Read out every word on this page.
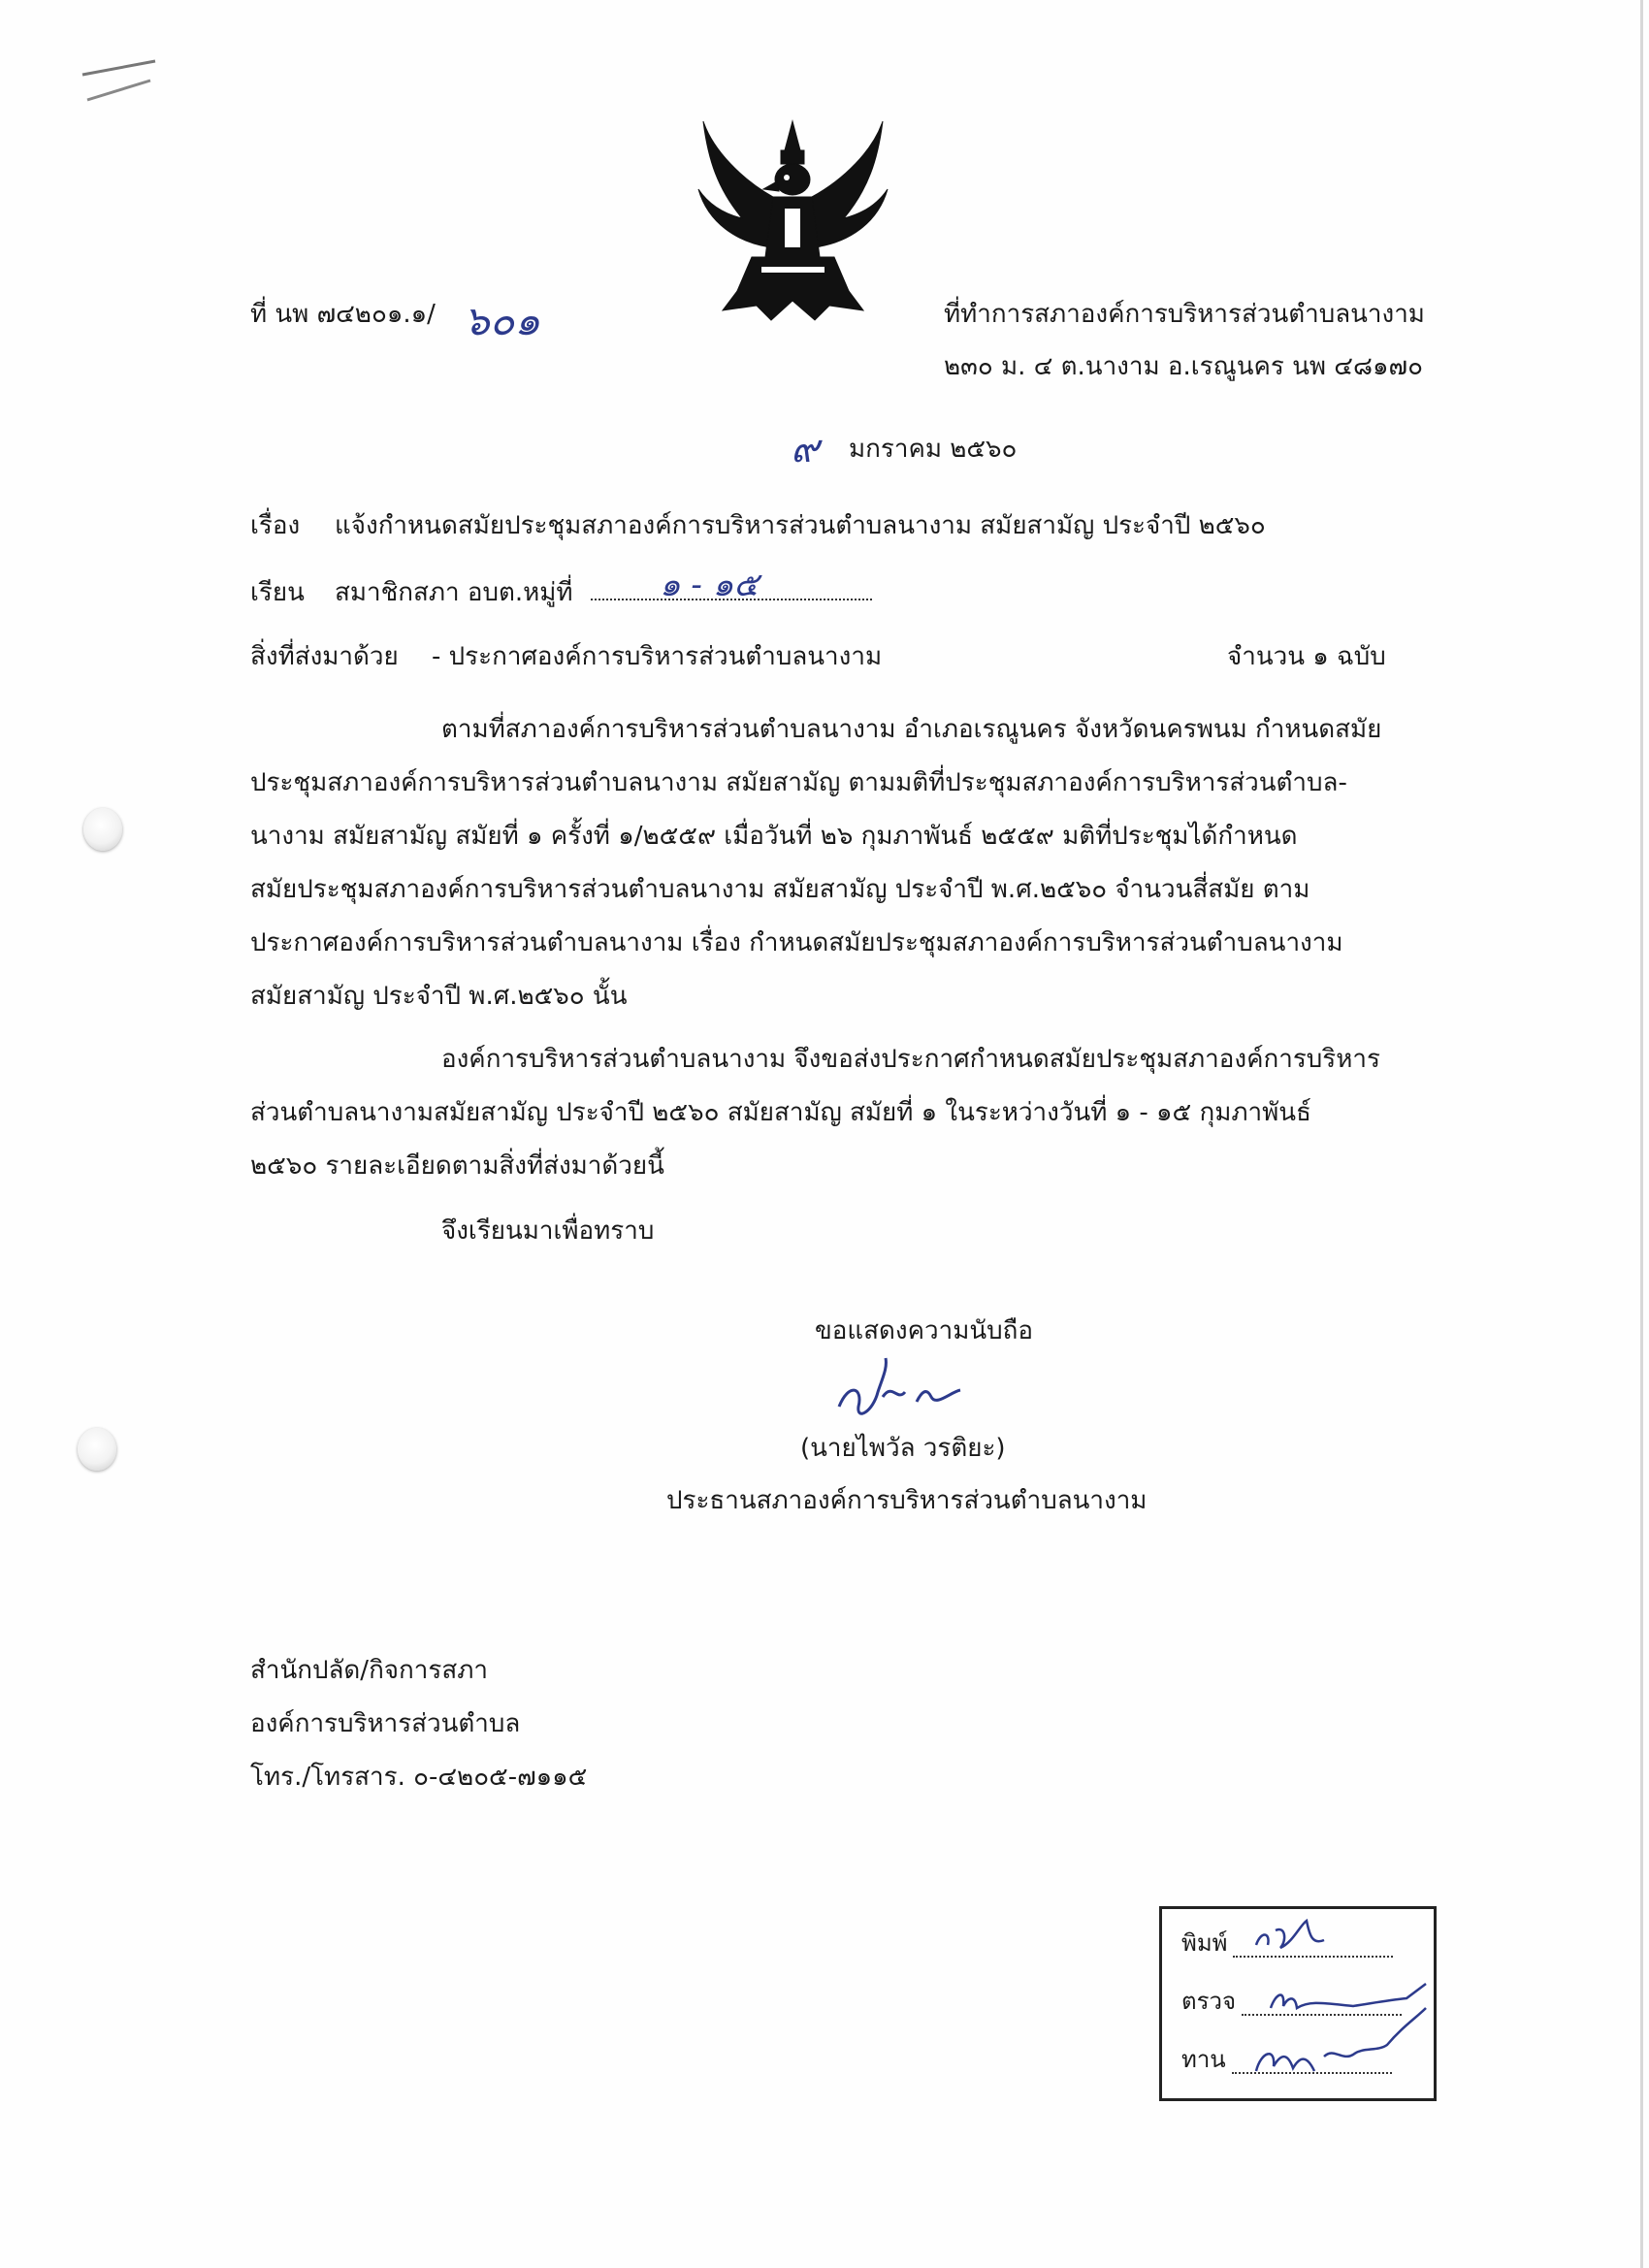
ที่ นพ ๗๔๒๐๑.๑/ ๖๐๑	ที่ทำการสภาองค์การบริหารส่วนตำบลนางาม
๒๓๐ ม. ๔ ต.นางาม อ.เรณูนคร นพ ๔๘๑๗๐
๙ มกราคม ๒๕๖๐
เรื่อง แจ้งกำหนดสมัยประชุมสภาองค์การบริหารส่วนตำบลนางาม สมัยสามัญ ประจำปี ๒๕๖๐
เรียน สมาชิกสภา อบต.หมู่ที่	๑ - ๑๕
สิ่งที่ส่งมาด้วย - ประกาศองค์การบริหารส่วนตำบลนางาม	จำนวน ๑ ฉบับ
ตามที่สภาองค์การบริหารส่วนตำบลนางาม อำเภอเรณูนคร จังหวัดนครพนม กำหนดสมัย
ประชุมสภาองค์การบริหารส่วนตำบลนางาม สมัยสามัญ ตามมติที่ประชุมสภาองค์การบริหารส่วนตำบล-
นางาม สมัยสามัญ สมัยที่ ๑ ครั้งที่ ๑/๒๕๕๙ เมื่อวันที่ ๒๖ กุมภาพันธ์ ๒๕๕๙ มติที่ประชุมได้กำหนด
สมัยประชุมสภาองค์การบริหารส่วนตำบลนางาม สมัยสามัญ ประจำปี พ.ศ.๒๕๖๐ จำนวนสี่สมัย ตาม
ประกาศองค์การบริหารส่วนตำบลนางาม เรื่อง กำหนดสมัยประชุมสภาองค์การบริหารส่วนตำบลนางาม
สมัยสามัญ ประจำปี พ.ศ.๒๕๖๐ นั้น
องค์การบริหารส่วนตำบลนางาม จึงขอส่งประกาศกำหนดสมัยประชุมสภาองค์การบริหาร
ส่วนตำบลนางามสมัยสามัญ ประจำปี ๒๕๖๐ สมัยสามัญ สมัยที่ ๑ ในระหว่างวันที่ ๑ - ๑๕ กุมภาพันธ์
๒๕๖๐ รายละเอียดตามสิ่งที่ส่งมาด้วยนี้
จึงเรียนมาเพื่อทราบ
ขอแสดงความนับถือ
(นายไพวัล วรติยะ)
ประธานสภาองค์การบริหารส่วนตำบลนางาม
สำนักปลัด/กิจการสภา
องค์การบริหารส่วนตำบล
โทร./โทรสาร. ๐-๔๒๐๕-๗๑๑๕
พิมพ์
ตรวจ
ทาน
